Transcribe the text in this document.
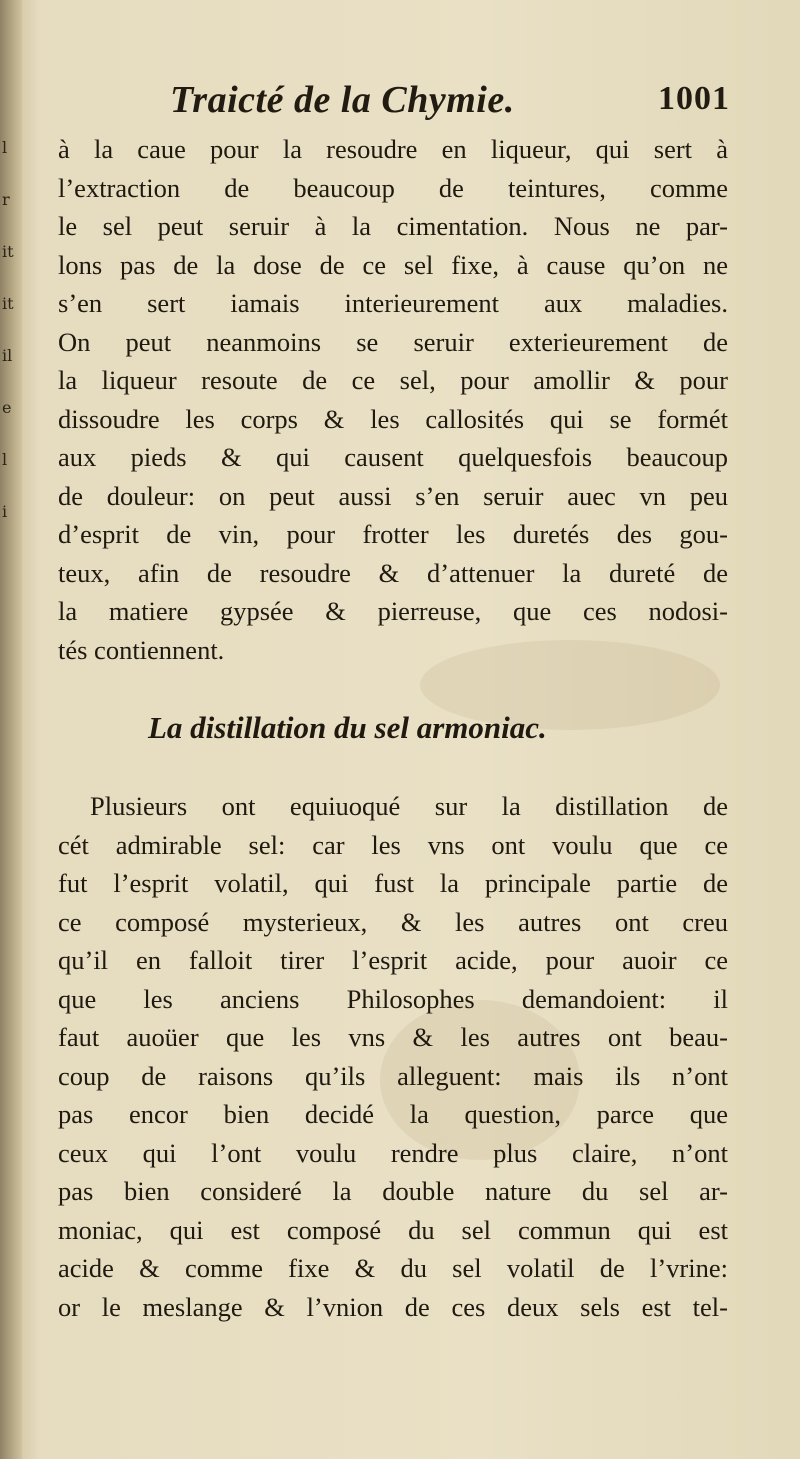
l
r
it
it
il
e
l
i
Traicté de la Chymie.	1001
à la caue pour la resoudre en liqueur, qui sert à
l’extraction de beaucoup de teintures, comme
le sel peut seruir à la cimentation. Nous ne par-
lons pas de la dose de ce sel fixe, à cause qu’on ne
s’en sert iamais interieurement aux maladies.
On peut neanmoins se seruir exterieurement de
la liqueur resoute de ce sel, pour amollir & pour
dissoudre les corps & les callosités qui se formét
aux pieds & qui causent quelquesfois beaucoup
de douleur: on peut aussi s’en seruir auec vn peu
d’esprit de vin, pour frotter les duretés des gou-
teux, afin de resoudre & d’attenuer la dureté de
la matiere gypsée & pierreuse, que ces nodosi-
tés contiennent.
La distillation du sel armoniac.
Plusieurs ont equiuoqué sur la distillation de
cét admirable sel: car les vns ont voulu que ce
fut l’esprit volatil, qui fust la principale partie de
ce composé mysterieux, & les autres ont creu
qu’il en falloit tirer l’esprit acide, pour auoir ce
que les anciens Philosophes demandoient: il
faut auoüer que les vns & les autres ont beau-
coup de raisons qu’ils alleguent: mais ils n’ont
pas encor bien decidé la question, parce que
ceux qui l’ont voulu rendre plus claire, n’ont
pas bien consideré la double nature du sel ar-
moniac, qui est composé du sel commun qui est
acide & comme fixe & du sel volatil de l’vrine:
or le meslange & l’vnion de ces deux sels est tel-
